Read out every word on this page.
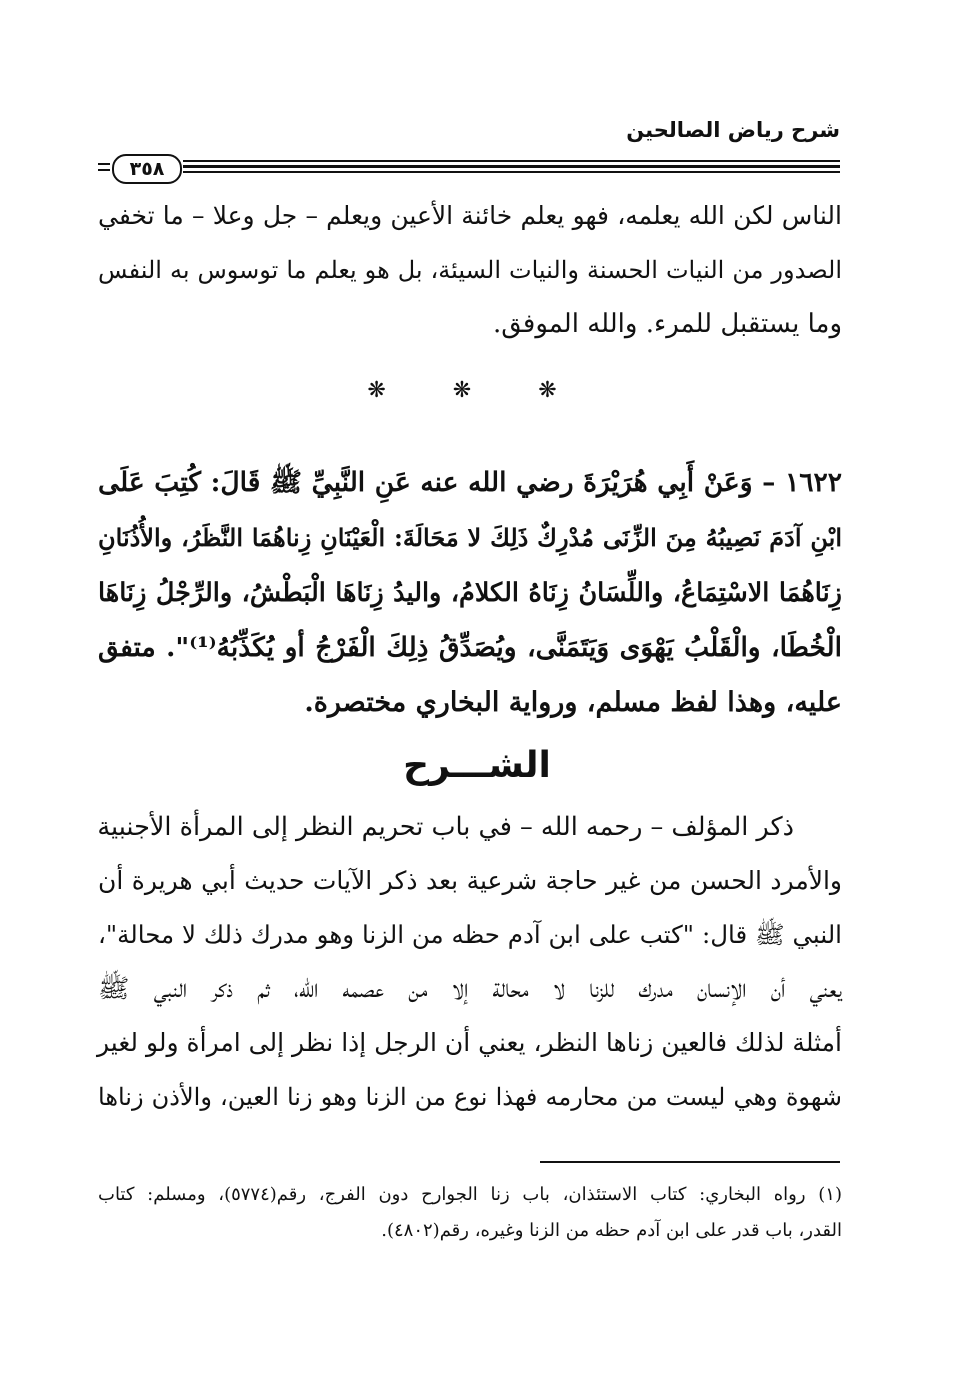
شرح رياض الصالحين
٣٥٨
الناس لكن الله يعلمه، فهو يعلم خائنة الأعين ويعلم – جل وعلا – ما تخفي
الصدور من النيات الحسنة والنيات السيئة، بل هو يعلم ما توسوس به النفس
وما يستقبل للمرء. والله الموفق.
❋ ❋ ❋
١٦٢٢ – وَعَنْ أَبِي هُرَيْرَةَ رضي الله عنه عَنِ النَّبِيِّ ﷺ قَالَ: كُتِبَ عَلَى
ابْنِ آدَمَ نَصِيبُهُ مِنَ الزِّنَى مُدْرِكٌ ذَلِكَ لا مَحَالَةَ: الْعَيْنَانِ زِناهُمَا النَّظَرُ، والأُذُنَانِ
زِنَاهُمَا الاسْتِمَاعُ، واللِّسَانُ زِنَاهُ الكلامُ، واليدُ زِنَاهَا الْبَطْشُ، والرِّجْلُ زِنَاهَا
الْخُطَا، والْقَلْبُ يَهْوَى وَيَتَمَنَّى، ويُصَدِّقُ ذِلِكَ الْفَرْجُ أو يُكَذِّبُهُ⁽¹⁾". متفق
عليه، وهذا لفظ مسلم، ورواية البخاري مختصرة.
الشـــرح
ذكر المؤلف – رحمه الله – في باب تحريم النظر إلى المرأة الأجنبية
والأمرد الحسن من غير حاجة شرعية بعد ذكر الآيات حديث أبي هريرة أن
النبي ﷺ قال: "كتب على ابن آدم حظه من الزنا وهو مدرك ذلك لا محالة"،
يعني أن الإنسان مدرك للزنا لا محالة إلا من عصمه الله، ثم ذكر النبي ﷺ
أمثلة لذلك فالعين زناها النظر، يعني أن الرجل إذا نظر إلى امرأة ولو لغير
شهوة وهي ليست من محارمه فهذا نوع من الزنا وهو زنا العين، والأذن زناها
(١) رواه البخاري: كتاب الاستئذان، باب زنا الجوارح دون الفرج، رقم(٥٧٧٤)، ومسلم: كتاب
القدر، باب قدر على ابن آدم حظه من الزنا وغيره، رقم(٤٨٠٢).
